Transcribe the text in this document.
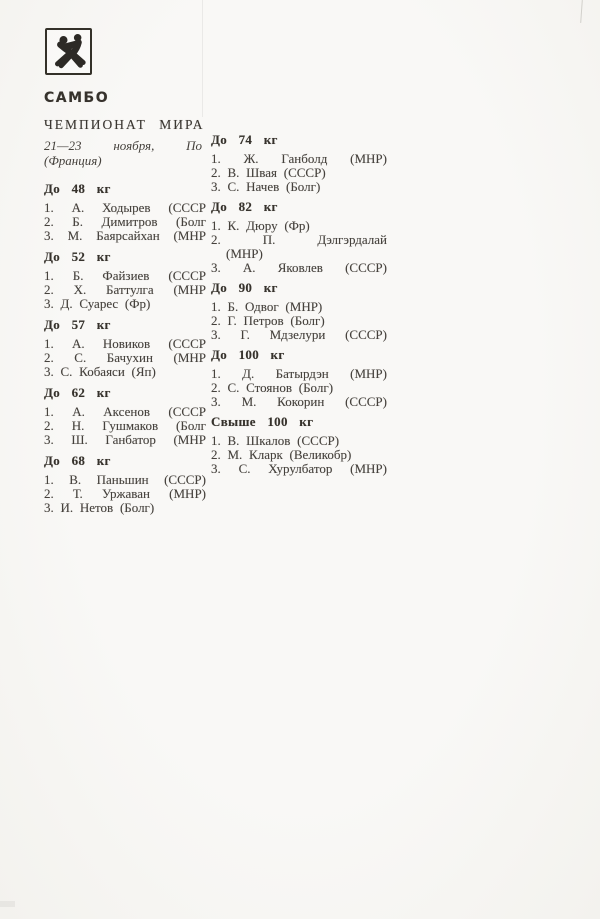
САМБО
ЧЕМПИОНАТ МИРА
21—23 ноября, По
(Франция)
До 48 кг
1. А. Ходырев (СССР
2. Б. Димитров (Болг
3. М. Баярсайхан (МНР
До 52 кг
1. Б. Файзиев (СССР
2. Х. Баттулга (МНР
3. Д. Суарес (Фр)
До 57 кг
1. А. Новиков (СССР
2. С. Бачухин (МНР
3. С. Кобаяси (Яп)
До 62 кг
1. А. Аксенов (СССР
2. Н. Гушмаков (Болг
3. Ш. Ганбатор (МНР
До 68 кг
1. В. Паньшин (СССР)
2. Т. Уржаван (МНР)
3. И. Нетов (Болг)
До 74 кг
1. Ж. Ганболд (МНР)
2. В. Швая (СССР)
3. С. Начев (Болг)
До 82 кг
1. К. Дюру (Фр)
2. П. Дэлгэрдалай
(МНР)
3. А. Яковлев (СССР)
До 90 кг
1. Б. Одвог (МНР)
2. Г. Петров (Болг)
3. Г. Мдзелури (СССР)
До 100 кг
1. Д. Батырдэн (МНР)
2. С. Стоянов (Болг)
3. М. Кокорин (СССР)
Свыше 100 кг
1. В. Шкалов (СССР)
2. М. Кларк (Великобр)
3. С. Хурулбатор (МНР)
